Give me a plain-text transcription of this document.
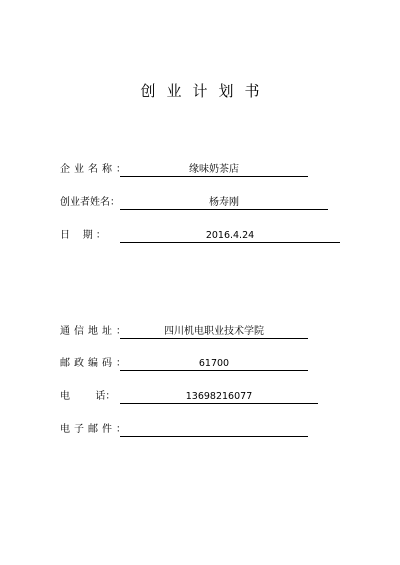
创业计划书
企业名称：	缘味奶茶店
创业者姓名：	杨寿刚
日    期 ：	2016.4.24
通信地址：	四川机电职业技术学院
邮政编码：	61700
电        话：	13698216077
电子邮件：
